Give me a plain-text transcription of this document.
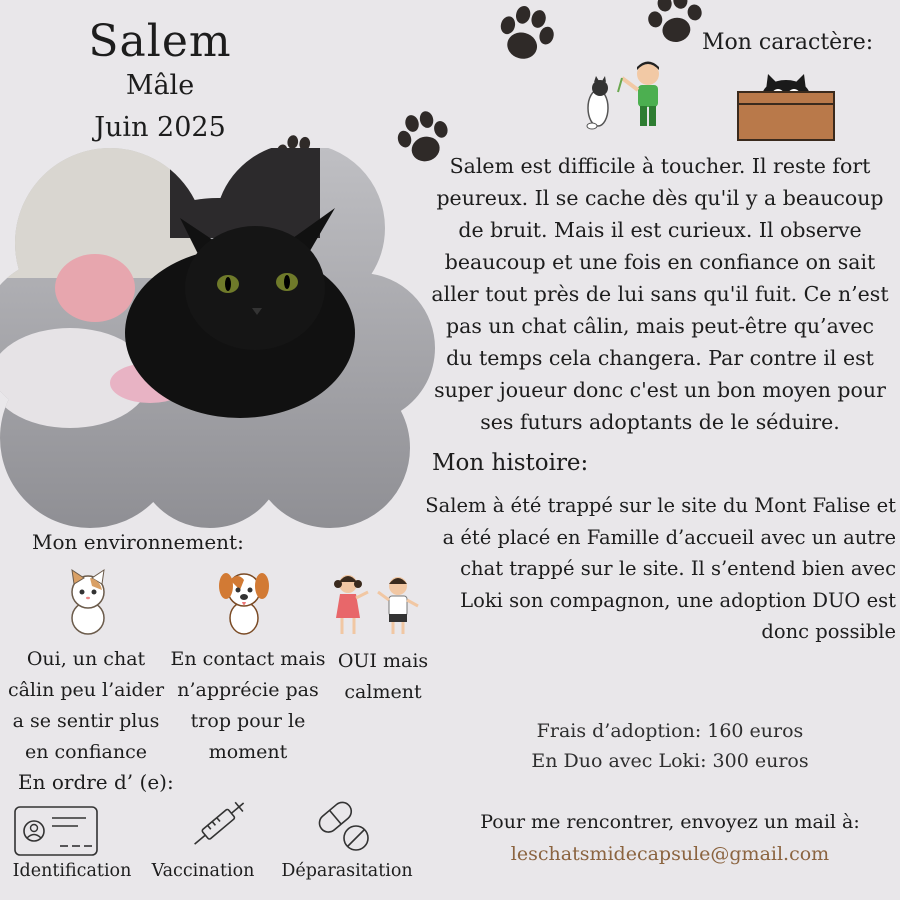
Salem
Mâle
Juin 2025
Mon caractère:
Salem est difficile à toucher. Il reste fort peureux. Il se cache dès qu'il y a beaucoup de bruit. Mais il est curieux. Il observe beaucoup et une fois en confiance on sait aller tout près de lui sans qu'il fuit. Ce n’est pas un chat câlin, mais peut-être qu’avec du temps cela changera. Par contre il est super joueur donc c'est un bon moyen pour ses futurs adoptants de le séduire.
Mon histoire:
Salem à été trappé sur le site du Mont Falise et a été placé en Famille d’accueil avec un autre chat trappé sur le site. Il s’entend bien avec Loki son compagnon, une adoption DUO est donc possible
Frais d’adoption: 160 euros
En Duo avec Loki: 300 euros
Pour me rencontrer, envoyez un mail à:
leschatsmidecapsule@gmail.com
Mon environnement:
Oui, un chat câlin peu l’aider a se sentir plus en confiance
En contact mais n’apprécie pas trop pour le moment
OUI mais calment
En ordre d’ (e):
Identification	Vaccination	Déparasitation
